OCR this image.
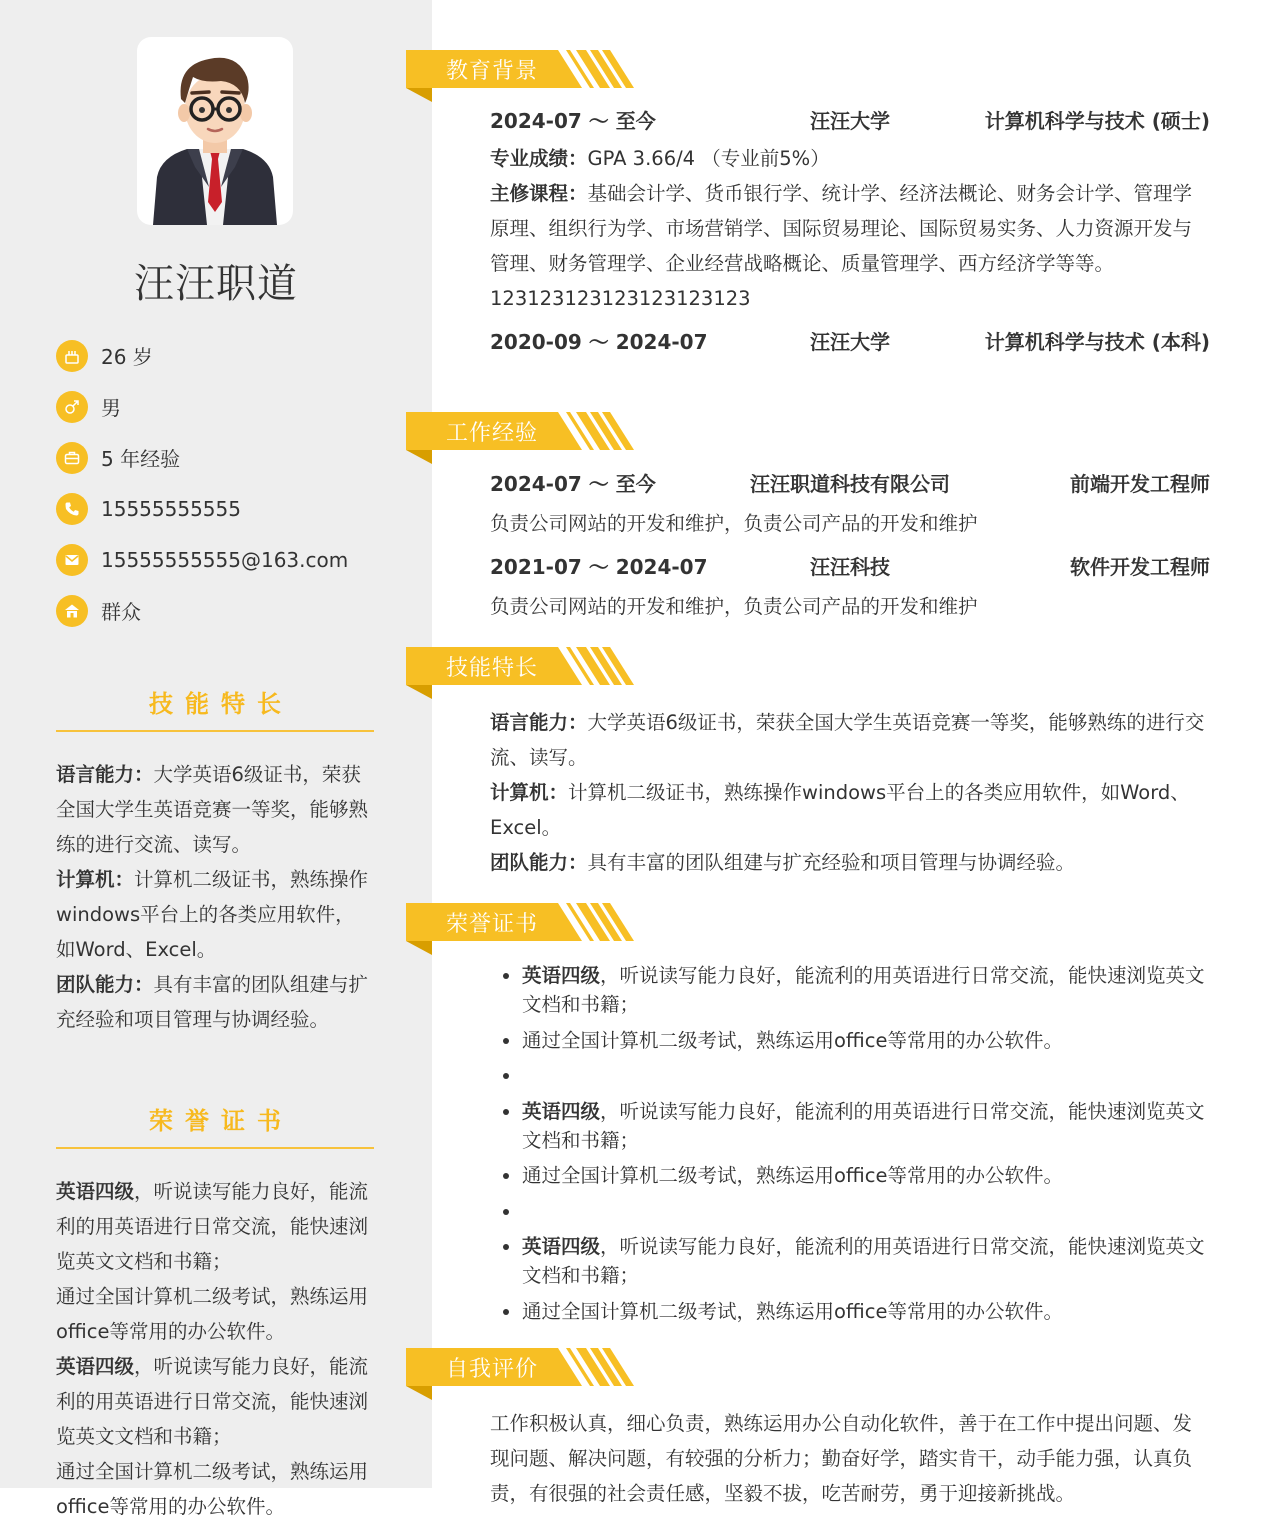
汪汪职道
26 岁
男
5 年经验
15555555555
15555555555@163.com
群众
技能特长

语言能力：大学英语6级证书，荣获全国大学生英语竞赛一等奖，能够熟练的进行交流、读写。

计算机：计算机二级证书，熟练操作windows平台上的各类应用软件，如Word、Excel。

团队能力：具有丰富的团队组建与扩充经验和项目管理与协调经验。

荣誉证书

英语四级，听说读写能力良好，能流利的用英语进行日常交流，能快速浏览英文文档和书籍；

通过全国计算机二级考试，熟练运用office等常用的办公软件。

英语四级，听说读写能力良好，能流利的用英语进行日常交流，能快速浏览英文文档和书籍；

通过全国计算机二级考试，熟练运用office等常用的办公软件。

教育背景
2024-07 ～ 至今	汪汪大学	计算机科学与技术 (硕士)

专业成绩：GPA 3.66/4 （专业前5%）

主修课程：基础会计学、货币银行学、统计学、经济法概论、财务会计学、管理学原理、组织行为学、市场营销学、国际贸易理论、国际贸易实务、人力资源开发与管理、财务管理学、企业经营战略概论、质量管理学、西方经济学等等。

123123123123123123123

2020-09 ～ 2024-07	汪汪大学	计算机科学与技术 (本科)
工作经验
2024-07 ～ 至今	汪汪职道科技有限公司	前端开发工程师

负责公司网站的开发和维护，负责公司产品的开发和维护

2021-07 ～ 2024-07	汪汪科技	软件开发工程师

负责公司网站的开发和维护，负责公司产品的开发和维护

技能特长

语言能力：大学英语6级证书，荣获全国大学生英语竞赛一等奖，能够熟练的进行交流、读写。

计算机：计算机二级证书，熟练操作windows平台上的各类应用软件，如Word、Excel。

团队能力：具有丰富的团队组建与扩充经验和项目管理与协调经验。

荣誉证书
• 英语四级，听说读写能力良好，能流利的用英语进行日常交流，能快速浏览英文文档和书籍；
• 通过全国计算机二级考试，熟练运用office等常用的办公软件。
•
• 英语四级，听说读写能力良好，能流利的用英语进行日常交流，能快速浏览英文文档和书籍；
• 通过全国计算机二级考试，熟练运用office等常用的办公软件。
•
• 英语四级，听说读写能力良好，能流利的用英语进行日常交流，能快速浏览英文文档和书籍；
• 通过全国计算机二级考试，熟练运用office等常用的办公软件。
自我评价

工作积极认真，细心负责，熟练运用办公自动化软件，善于在工作中提出问题、发现问题、解决问题，有较强的分析力；勤奋好学，踏实肯干，动手能力强，认真负责，有很强的社会责任感，坚毅不拔，吃苦耐劳，勇于迎接新挑战。
